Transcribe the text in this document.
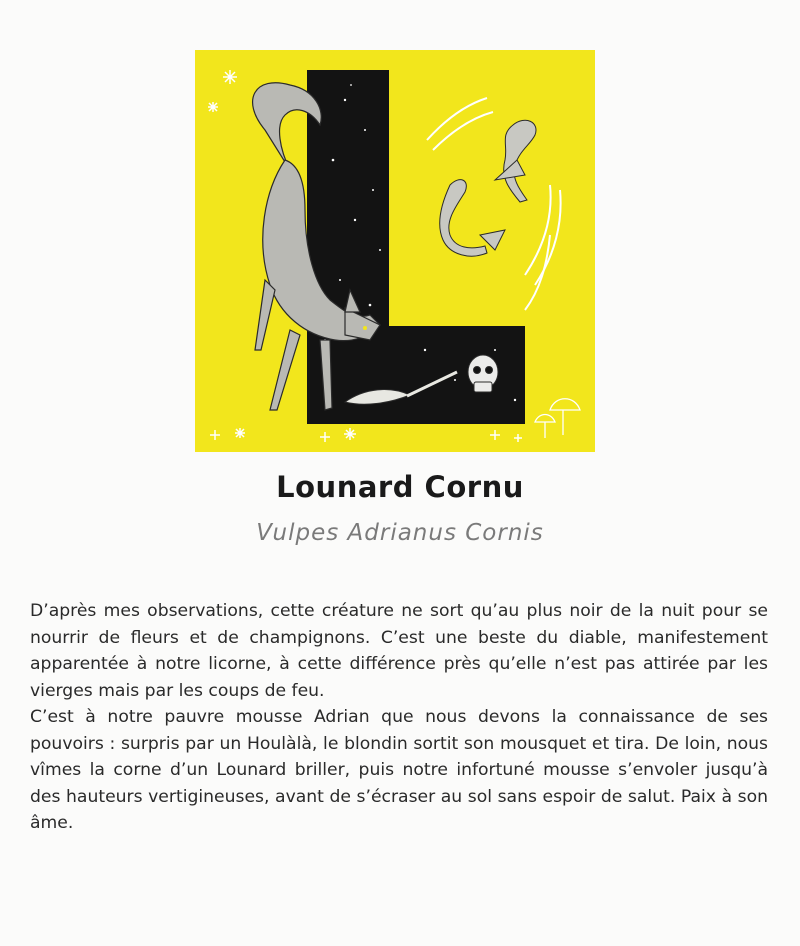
Lounard Cornu
Vulpes Adrianus Cornis

D’après mes observations, cette créature ne sort qu’au plus noir de la nuit pour se nourrir de fleurs et de champignons. C’est une beste du diable, manifestement apparentée à notre licorne, à cette différence près qu’elle n’est pas attirée par les vierges mais par les coups de feu.

C’est à notre pauvre mousse Adrian que nous devons la connaissance de ses pouvoirs : surpris par un Houlàlà, le blondin sortit son mousquet et tira. De loin, nous vîmes la corne d’un Lounard briller, puis notre infortuné mousse s’envoler jusqu’à des hauteurs vertigineuses, avant de s’écraser au sol sans espoir de salut. Paix à son âme.
